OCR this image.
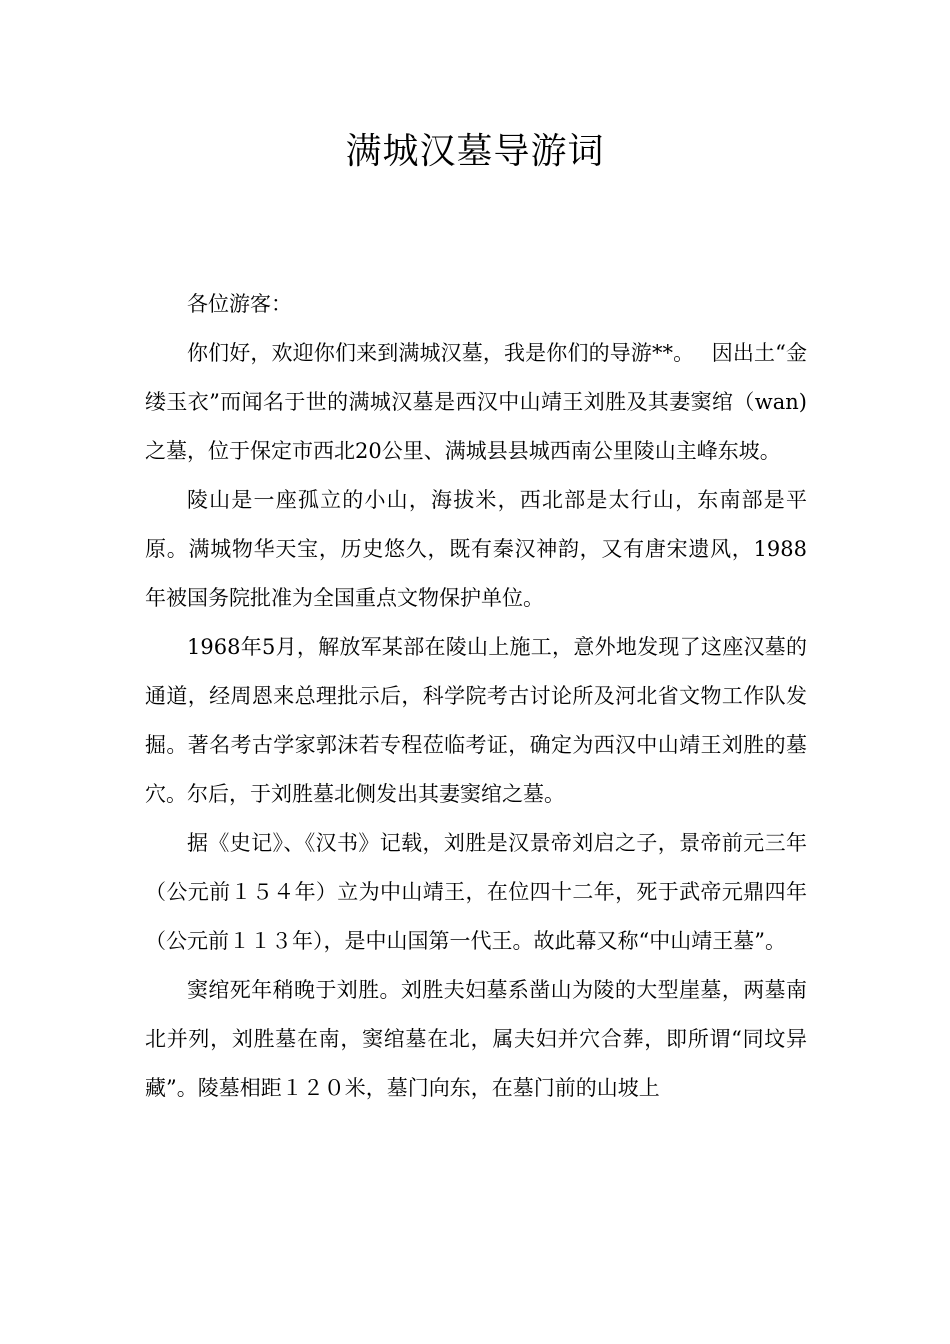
满城汉墓导游词

各位游客：

你们好，欢迎你们来到满城汉墓，我是你们的导游**。　 因出土“金缕玉衣”而闻名于世的满城汉墓是西汉中山靖王刘胜及其妻窦绾（wan)之墓，位于保定市西北20公里、满城县县城西南公里陵山主峰东坡。

陵山是一座孤立的小山，海拔米，西北部是太行山，东南部是平原。满城物华天宝，历史悠久，既有秦汉神韵，又有唐宋遗风，1988年被国务院批准为全国重点文物保护单位。

1968年5月，解放军某部在陵山上施工，意外地发现了这座汉墓的通道，经周恩来总理批示后，科学院考古讨论所及河北省文物工作队发掘。著名考古学家郭沫若专程莅临考证，确定为西汉中山靖王刘胜的墓穴。尔后，于刘胜墓北侧发出其妻窦绾之墓。

据《史记》、《汉书》记载，刘胜是汉景帝刘启之子，景帝前元三年（公元前１５４年）立为中山靖王，在位四十二年，死于武帝元鼎四年（公元前１１３年），是中山国第一代王。故此幕又称“中山靖王墓”。

窦绾死年稍晚于刘胜。刘胜夫妇墓系凿山为陵的大型崖墓，两墓南北并列，刘胜墓在南，窦绾墓在北，属夫妇并穴合葬，即所谓“同坟异藏”。陵墓相距１２０米，墓门向东，在墓门前的山坡上
